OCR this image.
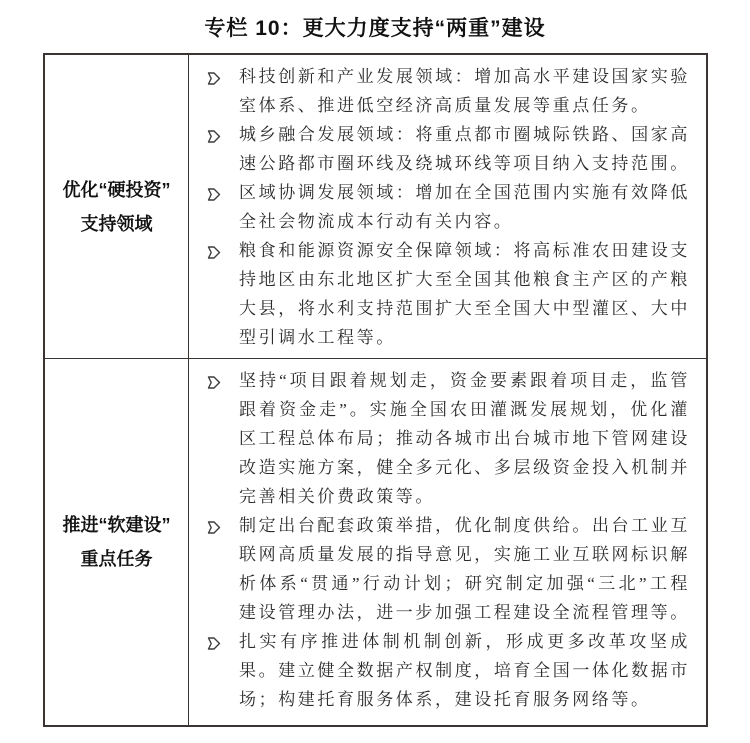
专栏 10：更大力度支持“两重”建设
优化“硬投资”
支持领域
科技创新和产业发展领域：增加高水平建设国家实验室体系、推进低空经济高质量发展等重点任务。
城乡融合发展领域：将重点都市圈城际铁路、国家高速公路都市圈环线及绕城环线等项目纳入支持范围。
区域协调发展领域：增加在全国范围内实施有效降低全社会物流成本行动有关内容。
粮食和能源资源安全保障领域：将高标准农田建设支持地区由东北地区扩大至全国其他粮食主产区的产粮大县，将水利支持范围扩大至全国大中型灌区、大中型引调水工程等。
推进“软建设”
重点任务
坚持“项目跟着规划走，资金要素跟着项目走，监管跟着资金走”。实施全国农田灌溉发展规划，优化灌区工程总体布局；推动各城市出台城市地下管网建设改造实施方案，健全多元化、多层级资金投入机制并完善相关价费政策等。
制定出台配套政策举措，优化制度供给。出台工业互联网高质量发展的指导意见，实施工业互联网标识解析体系“贯通”行动计划；研究制定加强“三北”工程建设管理办法，进一步加强工程建设全流程管理等。
扎实有序推进体制机制创新，形成更多改革攻坚成果。建立健全数据产权制度，培育全国一体化数据市场；构建托育服务体系，建设托育服务网络等。
